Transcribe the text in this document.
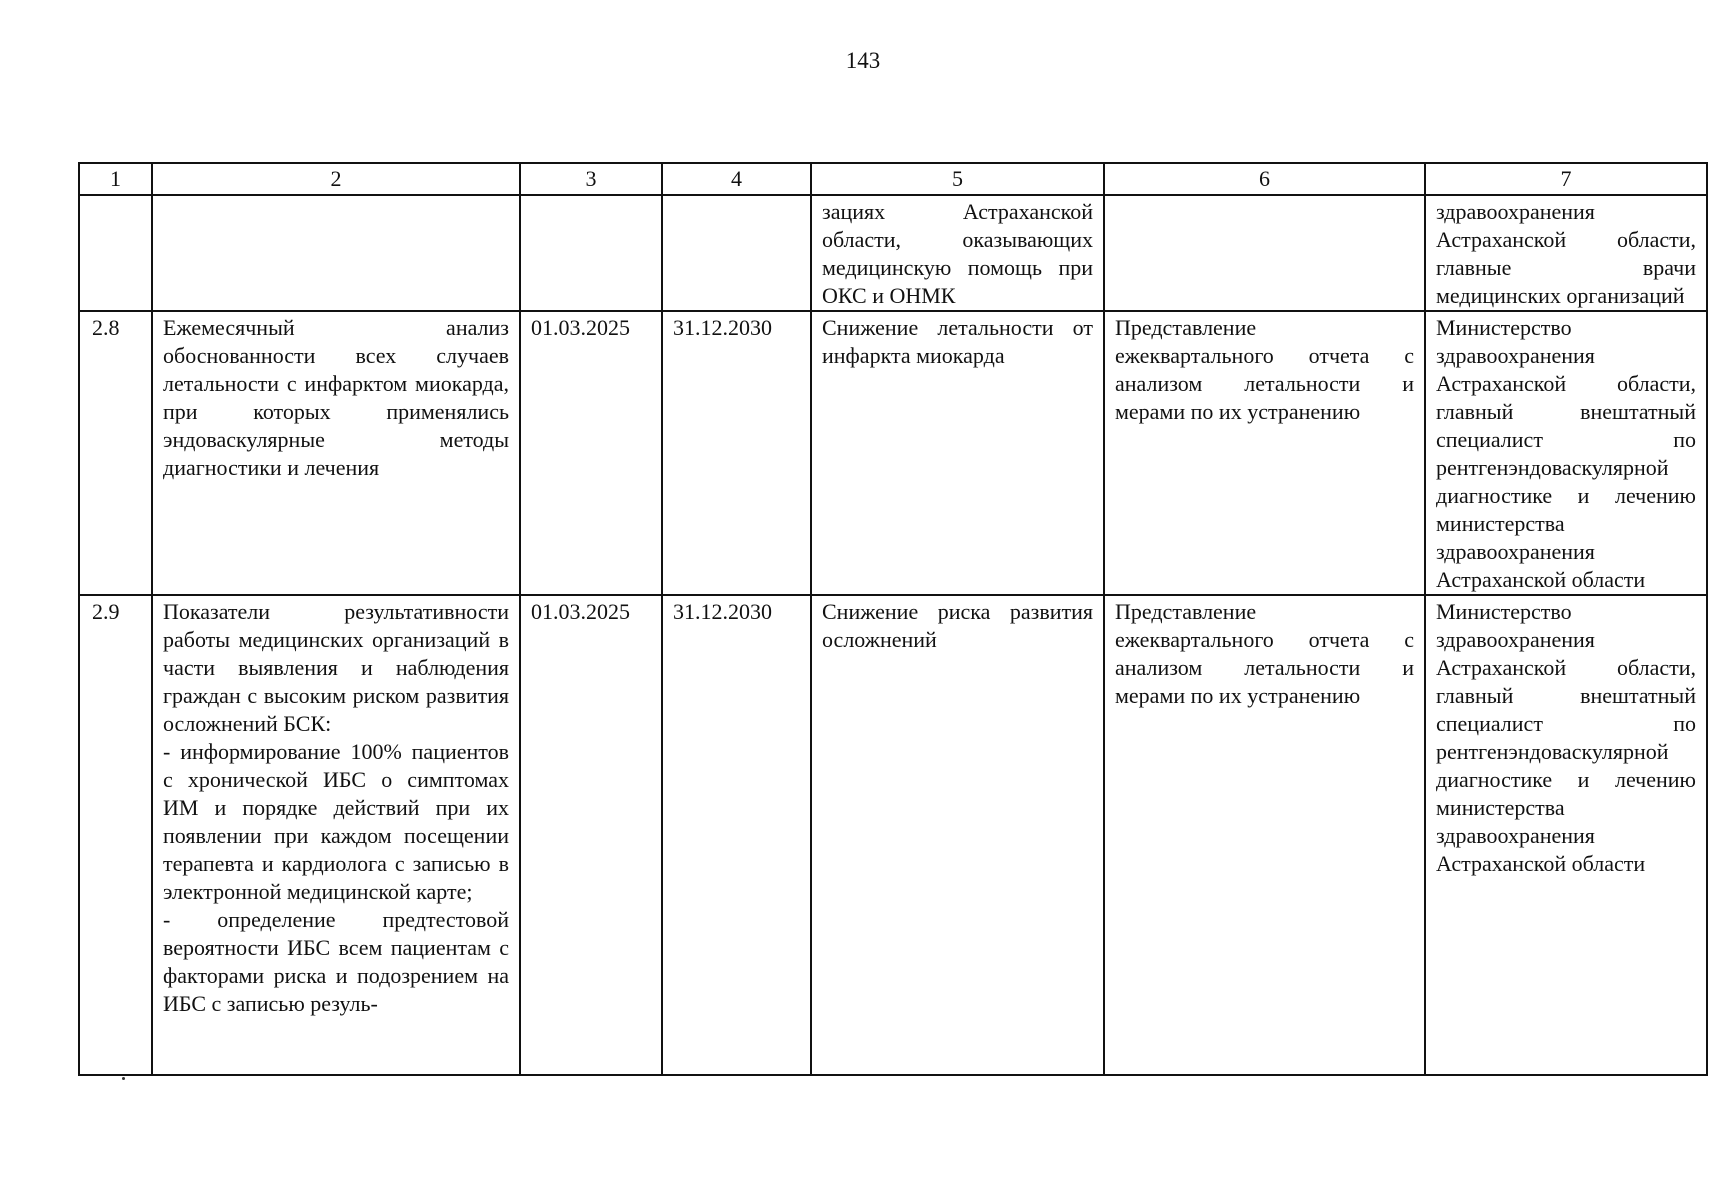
143
1	2	3	4	5	6	7
				зациях Астраханской области, оказывающих медицинскую помощь при ОКС и ОНМК		здравоохранения Астраханской области, главные врачи медицинских организаций
2.8	Ежемесячный анализ обоснованности всех случаев летальности с инфарктом миокарда, при которых применялись эндоваскулярные методы диагностики и лечения	01.03.2025	31.12.2030	Снижение летальности от инфаркта миокарда	Представление ежеквартального отчета с анализом летальности и мерами по их устранению	Министерство здравоохранения Астраханской области, главный внештатный специалист по рентгенэндоваскулярной диагностике и лечению министерства здравоохранения Астраханской области
2.9	Показатели результативности работы медицинских организаций в части выявления и наблюдения граждан с высоким риском развития осложнений БСК:
- информирование 100% пациентов с хронической ИБС о симптомах ИМ и порядке действий при их появлении при каждом посещении терапевта и кардиолога с записью в электронной медицинской карте;
- определение предтестовой вероятности ИБС всем пациентам с факторами риска и подозрением на ИБС с записью резуль-	01.03.2025	31.12.2030	Снижение риска развития осложнений	Представление ежеквартального отчета с анализом летальности и мерами по их устранению	Министерство здравоохранения Астраханской области, главный внештатный специалист по рентгенэндоваскулярной диагностике и лечению министерства здравоохранения Астраханской области
